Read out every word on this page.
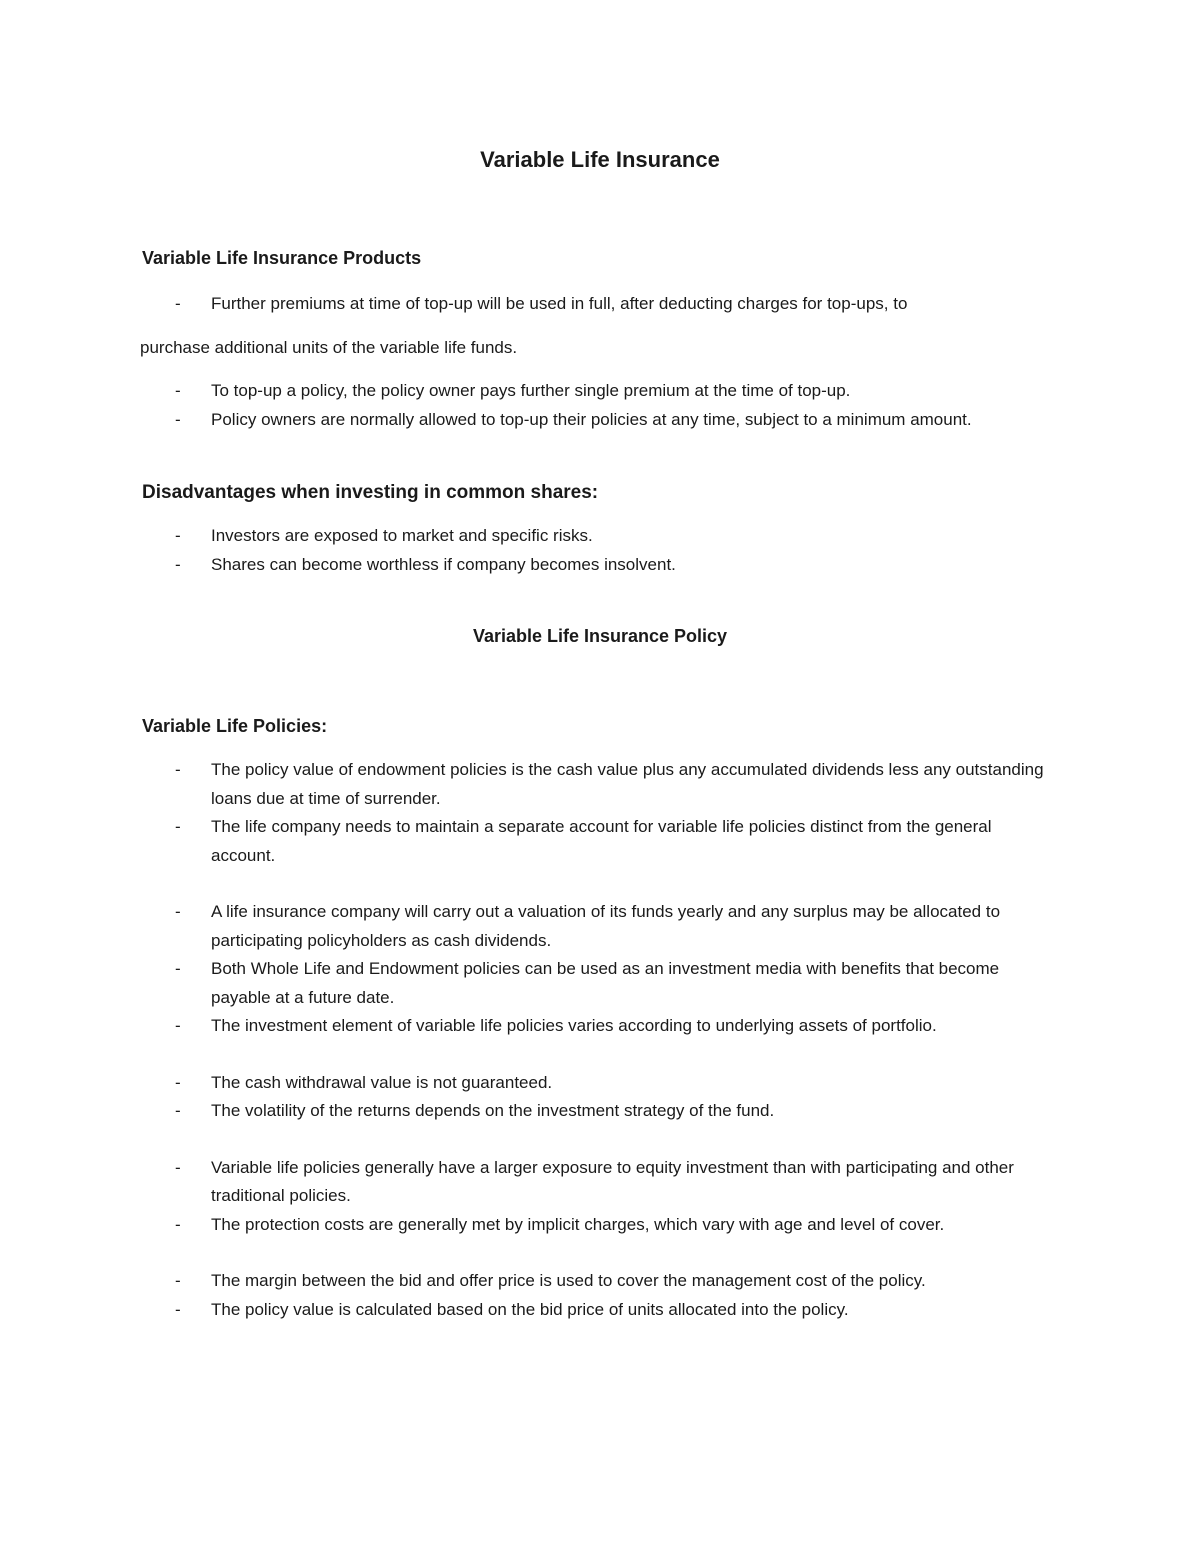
Variable Life Insurance
Variable Life Insurance Products
- Further premiums at time of top-up will be used in full, after deducting charges for top-ups, to

purchase additional units of the variable life funds.

- To top-up a policy, the policy owner pays further single premium at the time of top-up.
- Policy owners are normally allowed to top-up their policies at any time, subject to a minimum amount.
Disadvantages when investing in common shares:
- Investors are exposed to market and specific risks.
- Shares can become worthless if company becomes insolvent.
Variable Life Insurance Policy
Variable Life Policies:
- The policy value of endowment policies is the cash value plus any accumulated dividends less any outstanding loans due at time of surrender.
- The life company needs to maintain a separate account for variable life policies distinct from the general account.
- A life insurance company will carry out a valuation of its funds yearly and any surplus may be allocated to participating policyholders as cash dividends.
- Both Whole Life and Endowment policies can be used as an investment media with benefits that become payable at a future date.
- The investment element of variable life policies varies according to underlying assets of portfolio.
- The cash withdrawal value is not guaranteed.
- The volatility of the returns depends on the investment strategy of the fund.
- Variable life policies generally have a larger exposure to equity investment than with participating and other traditional policies.
- The protection costs are generally met by implicit charges, which vary with age and level of cover.
- The margin between the bid and offer price is used to cover the management cost of the policy.
- The policy value is calculated based on the bid price of units allocated into the policy.
